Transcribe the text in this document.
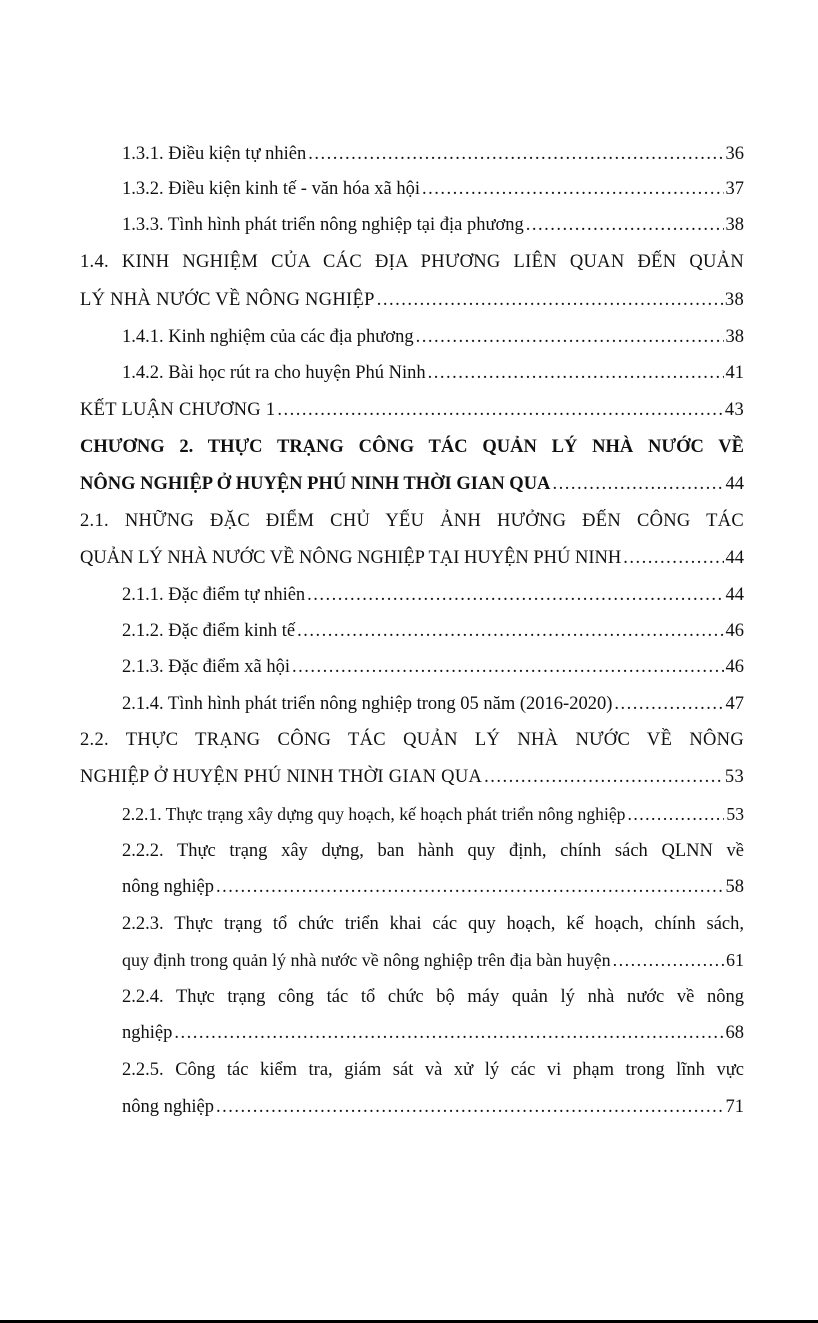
1.3.1. Điều kiện tự nhiên .....	36
1.3.2. Điều kiện kinh tế - văn hóa xã hội .....	37
1.3.3. Tình hình phát triển nông nghiệp tại địa phương .....	38
1.4. KINH NGHIỆM CỦA CÁC ĐỊA PHƯƠNG LIÊN QUAN ĐẾN QUẢN
LÝ NHÀ NƯỚC VỀ NÔNG NGHIỆP .....	38
1.4.1. Kinh nghiệm của các địa phương .....	38
1.4.2. Bài học rút ra cho huyện Phú Ninh .....	41
KẾT LUẬN CHƯƠNG 1 .....	43
CHƯƠNG 2. THỰC TRẠNG CÔNG TÁC QUẢN LÝ NHÀ NƯỚC VỀ
NÔNG NGHIỆP Ở HUYỆN PHÚ NINH THỜI GIAN QUA .....	44
2.1. NHỮNG ĐẶC ĐIỂM CHỦ YẾU ẢNH HƯỞNG ĐẾN CÔNG TÁC
QUẢN LÝ NHÀ NƯỚC VỀ NÔNG NGHIỆP TẠI HUYỆN PHÚ NINH .....	44
2.1.1. Đặc điểm tự nhiên .....	44
2.1.2. Đặc điểm kinh tế .....	46
2.1.3. Đặc điểm xã hội .....	46
2.1.4. Tình hình phát triển nông nghiệp trong 05 năm (2016-2020) .....	47
2.2. THỰC TRẠNG CÔNG TÁC QUẢN LÝ NHÀ NƯỚC VỀ NÔNG
NGHIỆP Ở HUYỆN PHÚ NINH THỜI GIAN QUA .....	53
2.2.1. Thực trạng xây dựng quy hoạch, kế hoạch phát triển nông nghiệp .....	53
2.2.2. Thực trạng xây dựng, ban hành quy định, chính sách QLNN về
nông nghiệp .....	58
2.2.3. Thực trạng tổ chức triển khai các quy hoạch, kế hoạch, chính sách,
quy định trong quản lý nhà nước về nông nghiệp trên địa bàn huyện .....	61
2.2.4. Thực trạng công tác tổ chức bộ máy quản lý nhà nước về nông
nghiệp .....	68
2.2.5. Công tác kiểm tra, giám sát và xử lý các vi phạm trong lĩnh vực
nông nghiệp .....	71
